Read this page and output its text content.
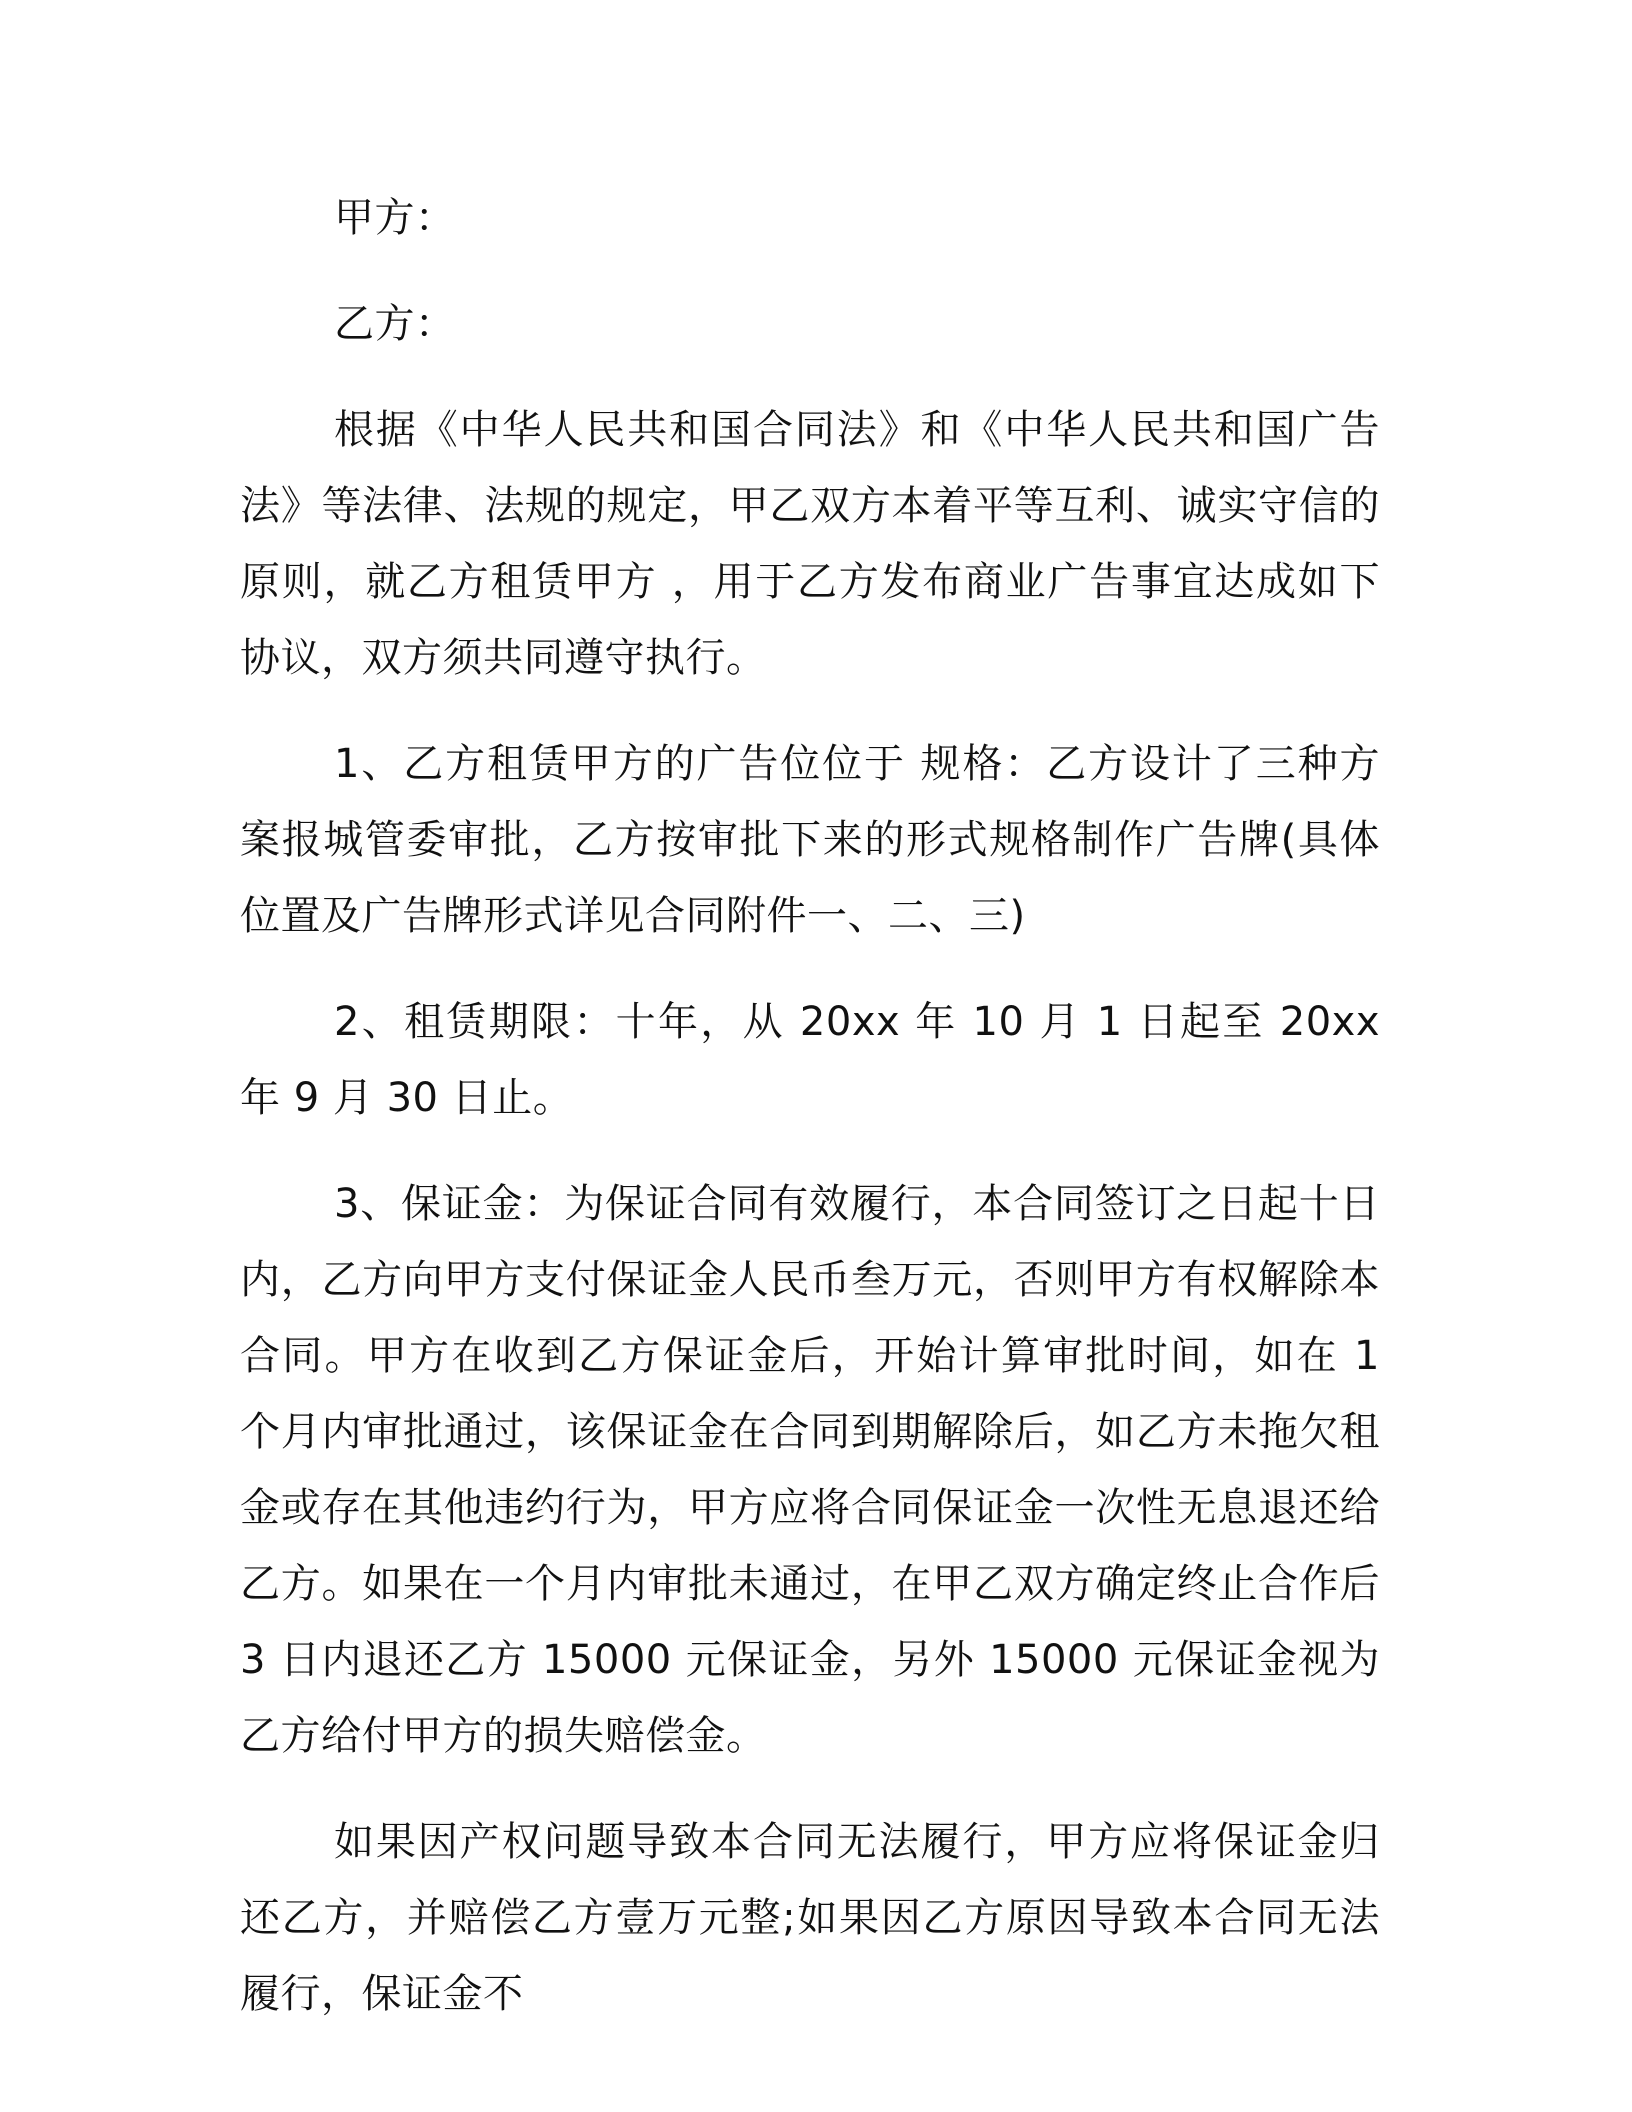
甲方：

乙方：

根据《中华人民共和国合同法》和《中华人民共和国广告法》等法律、法规的规定，甲乙双方本着平等互利、诚实守信的原则，就乙方租赁甲方 ，用于乙方发布商业广告事宜达成如下协议，双方须共同遵守执行。

1、乙方租赁甲方的广告位位于 规格：乙方设计了三种方案报城管委审批，乙方按审批下来的形式规格制作广告牌(具体位置及广告牌形式详见合同附件一、二、三)

2、租赁期限：十年，从 20xx 年 10 月 1 日起至 20xx 年 9 月 30 日止。

3、保证金：为保证合同有效履行，本合同签订之日起十日内，乙方向甲方支付保证金人民币叁万元，否则甲方有权解除本合同。甲方在收到乙方保证金后，开始计算审批时间，如在 1 个月内审批通过，该保证金在合同到期解除后，如乙方未拖欠租金或存在其他违约行为，甲方应将合同保证金一次性无息退还给乙方。如果在一个月内审批未通过，在甲乙双方确定终止合作后 3 日内退还乙方 15000 元保证金，另外 15000 元保证金视为乙方给付甲方的损失赔偿金。

如果因产权问题导致本合同无法履行，甲方应将保证金归还乙方，并赔偿乙方壹万元整;如果因乙方原因导致本合同无法履行，保证金不
